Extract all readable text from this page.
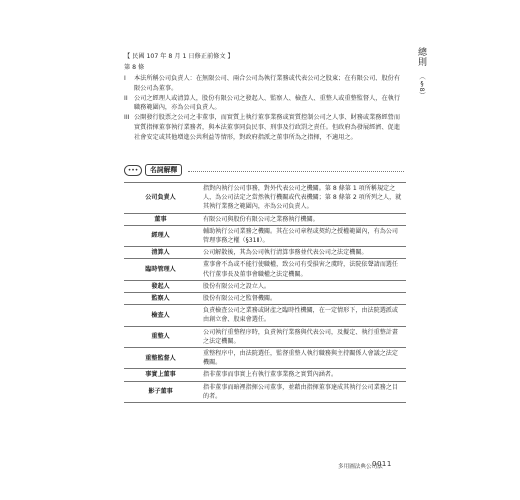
【 民國 107 年 8 月 1 日修正前條文 】
第 8 條
I	本法所稱公司負責人：在無限公司、兩合公司為執行業務或代表公司之股東；在有限公司、股份有限公司為董事。
II	公司之經理人或清算人，股份有限公司之發起人、監察人、檢查人、重整人或重整監督人，在執行職務範圍內，亦為公司負責人。
III 公開發行股票之公司之非董事，而實質上執行董事業務或實質控制公司之人事、財務或業務經營而實質指揮董事執行業務者，與本法董事同負民事、刑事及行政罰之責任。但政府為發展經濟、促進社會安定或其他增進公共利益等情形，對政府指派之董事所為之指揮，不適用之。
總則
（§8）
•••	名詞解釋
公司負責人	指對內執行公司事務，對外代表公司之機關。第 8 條第 1 項所稱規定之人，為公司法定之當然執行機關或代表機關；第 8 條第 2 項所列之人，就其執行業務之範圍內，亦為公司負責人。
董事	有限公司與股份有限公司之業務執行機關。
經理人	輔助執行公司業務之機關。其在公司章程或契約之授權範圍內，有為公司管理事務之權（§31Ⅱ）。
清算人	公司解散後，其為公司執行清算事務並代表公司之法定機關。
臨時管理人	董事會不為或不能行使職權，致公司有受損害之虞時，法院依聲請而選任代行董事長及董事會職權之法定機關。
發起人	股份有限公司之設立人。
監察人	股份有限公司之監督機關。
檢查人	負責檢查公司之業務或財產之臨時性機關，在一定情形下，由法院選派或由創立會、股東會選任。
重整人	公司執行重整程序時，負責執行業務與代表公司，及擬定、執行重整計畫之法定機關。
重整監督人	重整程序中，由法院選任，監督重整人執行職務與主持關係人會議之法定機關。
事實上董事	指非董事而事實上有執行董事業務之實質內涵者。
影子董事	指非董事而暗裡指揮公司董事，並藉由指揮董事達成其執行公司業務之目的者。
多用圖法典公司法
0011
